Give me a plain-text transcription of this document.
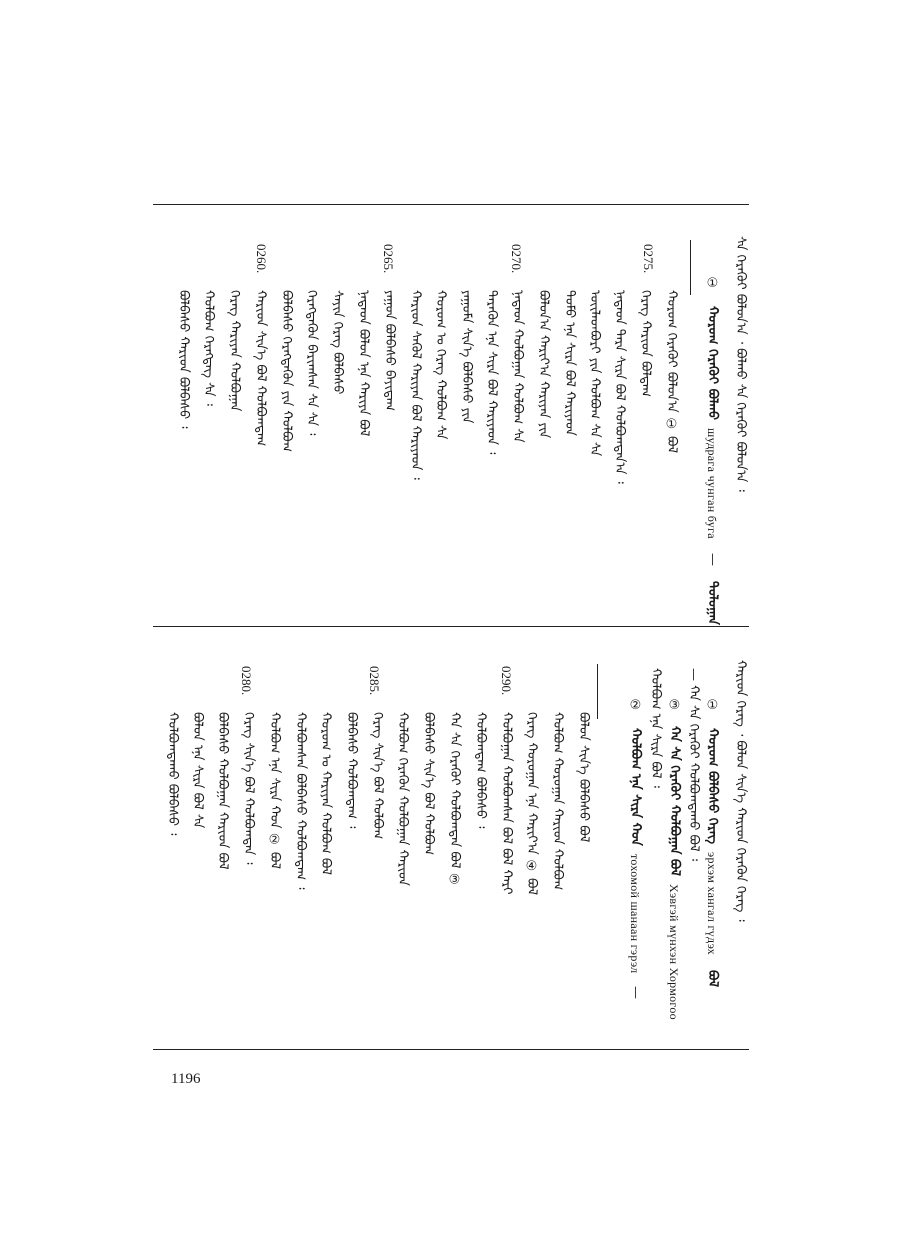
ᠰᠡ ᠬᠡᠷᠡᠭᠦᠢ ᠪᠣᠯᠤᠨ᠎ᠠ ᠂ ᠪᠣᠯᠬᠤ ᠰᠡ ᠬᠡᠷᠡᠭᠦᠢ ᠪᠣᠯᠤᠨ᠎ᠠ ᠄
① ᠬᠣᠷᠣᠭ ᠬᠡᠷᠡᠭᠦᠢ ᠪᠣᠯᠬᠤ шудрага чунган буга — ᠳᠣᠯᠣᠭᠠᠨ
0275.
0270.
0265.
0260.
ᠬᠣᠷᠣᠭ ᠬᠡᠷᠡᠭᠦᠢ ᠪᠣᠯᠤᠨ᠎ᠠ ① ᠪᠣᠯ
ᠬᠡᠷᠡᠭ ᠬᠠᠷᠢᠳ ᠪᠣᠯᠳᠠᠭ
ᠨᠠᠳᠠᠳ ᠲᠡᠷᠡ ᠰᠢᠷᠠ ᠪᠣᠯ ᠬᠣᠯᠪᠣᠭᠳᠠᠨ᠎ᠠ ᠄
ᠦᠢᠯᠡᠳᠪᠦᠷᠢ ᠶᠢᠨ ᠬᠣᠯᠪᠣᠭ ᠰᠡ ᠰᠡ
ᠲᠣᠮᠣ ᠡᠨᠡ ᠰᠢᠷᠠ ᠪᠣᠯ ᠬᠠᠷᠢᠶᠠᠳ
ᠪᠣᠯᠤᠨ᠎ᠠ ᠬᠠᠷᠢᠶ᠎ᠠ ᠬᠠᠷᠢᠶᠠᠨ ᠶᠢᠨ
ᠨᠠᠳᠠᠳ ᠬᠣᠯᠪᠣᠭᠠᠨ ᠬᠣᠯᠪᠣᠭ ᠰᠡ
ᠲᠡᠷᠡᠭᠦᠨ ᠡᠨᠡ ᠰᠢᠷᠠ ᠪᠣᠯ ᠬᠠᠷᠢᠶᠠᠳ ᠄
ᠶᠠᠭᠤᠮᠠ ᠰᠢᠨ᠎ᠡ ᠪᠣᠯᠪᠠᠰᠤ ᠶᠢᠨ
ᠬᠣᠷᠣᠭ ᠤ ᠬᠡᠷᠡᠭ ᠬᠣᠯᠪᠣᠭ ᠰᠡ
ᠬᠠᠷᠢᠳ ᠰᠡᠭᠦᠯ ᠬᠠᠷᠢᠶᠠᠨ ᠪᠣᠯ ᠬᠠᠷᠢᠶᠠᠳ ᠄
ᠶᠠᠭᠤᠨ ᠪᠣᠯᠪᠠᠰᠤ ᠪᠠᠶᠢᠳᠠᠭ
ᠨᠠᠳᠠᠳ ᠪᠣᠯᠤᠨ ᠡᠨᠡ ᠬᠠᠷᠢᠶᠠ ᠪᠣᠯ
ᠰᠠᠶᠢᠨ ᠬᠡᠷᠡᠭ ᠪᠣᠯᠪᠠᠰᠤ
ᠬᠡᠷᠡᠭᠳᠡᠭᠦᠨ ᠪᠠᠷᠢᠭᠰᠠᠨ ᠰᠡ ᠰᠡ ᠄
ᠪᠣᠯᠪᠠᠰᠤ ᠬᠡᠷᠡᠭᠳᠡᠭᠦᠨ ᠶᠢᠨ ᠬᠣᠯᠪᠣᠭ
ᠬᠠᠷᠢᠳ ᠰᠢᠨ᠎ᠡ ᠪᠣᠯ ᠬᠣᠯᠪᠣᠭᠳᠠᠭ
ᠬᠡᠷᠡᠭ ᠬᠠᠷᠢᠶᠠᠨ ᠬᠣᠯᠪᠣᠭᠠᠨ
ᠬᠣᠯᠪᠣᠭ ᠬᠡᠷᠡᠭᠳᠡᠭ ᠰᠡ ᠄
ᠪᠣᠯᠪᠠᠰᠤ ᠬᠠᠷᠢᠳ ᠪᠣᠯᠪᠠᠰᠤ ᠄
ᠬᠠᠷᠢᠳ ᠬᠡᠷᠡᠭ ᠂ ᠪᠣᠯᠤᠨ ᠰᠢᠨ᠎ᠡ ᠬᠠᠷᠢᠳ ᠬᠡᠷᠡᠭᠦᠨ ᠬᠡᠷᠡᠭ ᠄
① ᠬᠣᠷᠣᠭ ᠪᠣᠯᠪᠠᠰᠤ ᠬᠡᠷᠡᠭ эрхэм хангал гүдэх ᠪᠣᠯ
— ᠬᠠ ᠰᠡ ᠬᠡᠷᠡᠭᠦᠢ ᠬᠣᠯᠪᠣᠭᠳᠠᠬᠤ ᠪᠣᠯ ᠄
③ ᠬᠠ ᠰᠡ ᠬᠡᠷᠡᠭᠦᠢ ᠬᠣᠯᠪᠣᠭᠠᠨ ᠪᠣᠯ Хэвгэй мүнхэн Хормогоо
ᠬᠣᠯᠪᠣᠭ ᠡᠨᠡ ᠰᠢᠷᠠ ᠪᠣᠯ ᠄
② ᠬᠣᠯᠪᠣᠭ ᠡᠨᠡ ᠰᠢᠷᠠ ᠬᠣᠨ тохомой шанаан гэрэл —
0290.
0285.
0280.
ᠪᠣᠯᠤᠨ ᠰᠢᠨ᠎ᠡ ᠪᠣᠯᠪᠠᠰᠤ ᠪᠣᠯ
ᠬᠣᠯᠪᠣᠭ ᠬᠣᠷᠣᠭᠠᠨ ᠬᠠᠷᠢᠳ ᠬᠣᠯᠪᠣᠭ
ᠬᠡᠷᠡᠭ ᠬᠣᠷᠣᠭᠠᠨ ᠡᠨᠡ ᠬᠠᠷᠢᠶ᠎ᠠ ④ ᠪᠣᠯ
ᠬᠣᠯᠪᠣᠭᠠᠨ ᠬᠣᠯᠪᠣᠭᠰᠠᠨ ᠪᠣᠯ ᠪᠣᠯ ᠬᠠᠷᠢ
ᠬᠣᠯᠪᠣᠭᠳᠠᠭ ᠪᠣᠯᠪᠠᠰᠤ ᠄
ᠬᠠ ᠰᠡ ᠬᠡᠷᠡᠭᠦᠢ ᠬᠣᠯᠪᠣᠭᠳᠠᠨ ᠪᠣᠯ ③
ᠪᠣᠯᠪᠠᠰᠤ ᠰᠢᠨ᠎ᠡ ᠪᠣᠯ ᠬᠣᠯᠪᠣᠭ
ᠬᠣᠯᠪᠣᠭ ᠬᠡᠷᠡᠭᠦᠨ ᠬᠣᠯᠪᠣᠭᠠᠨ ᠬᠠᠷᠢᠳ
ᠬᠡᠷᠡᠭ ᠰᠢᠨ᠎ᠡ ᠪᠣᠯ ᠬᠣᠯᠪᠣᠭ
ᠪᠣᠯᠪᠠᠰᠤ ᠬᠣᠯᠪᠣᠭᠳᠠᠭ ᠄
ᠬᠣᠷᠣᠭ ᠤ ᠬᠠᠷᠢᠶᠠᠨ ᠬᠣᠯᠪᠣᠭ ᠪᠣᠯ
ᠬᠣᠯᠪᠣᠭᠰᠠᠨ ᠪᠣᠯᠪᠠᠰᠤ ᠬᠣᠯᠪᠣᠭᠳᠠᠭ ᠄
ᠬᠣᠯᠪᠣᠭ ᠡᠨᠡ ᠰᠢᠷᠠ ᠬᠣᠨ ② ᠪᠣᠯ
ᠬᠡᠷᠡᠭ ᠰᠢᠨ᠎ᠡ ᠪᠣᠯ ᠬᠣᠯᠪᠣᠭᠳᠠᠨ ᠄
ᠪᠣᠯᠪᠠᠰᠤ ᠬᠣᠯᠪᠣᠭᠠᠨ ᠬᠠᠷᠢᠳ ᠪᠣᠯ
ᠪᠣᠯᠤᠨ ᠡᠨᠡ ᠰᠢᠷᠠ ᠪᠣᠯ ᠰᠡ
ᠬᠣᠯᠪᠣᠭᠳᠠᠬᠤ ᠪᠣᠯᠪᠠᠰᠤ ᠄
1196
